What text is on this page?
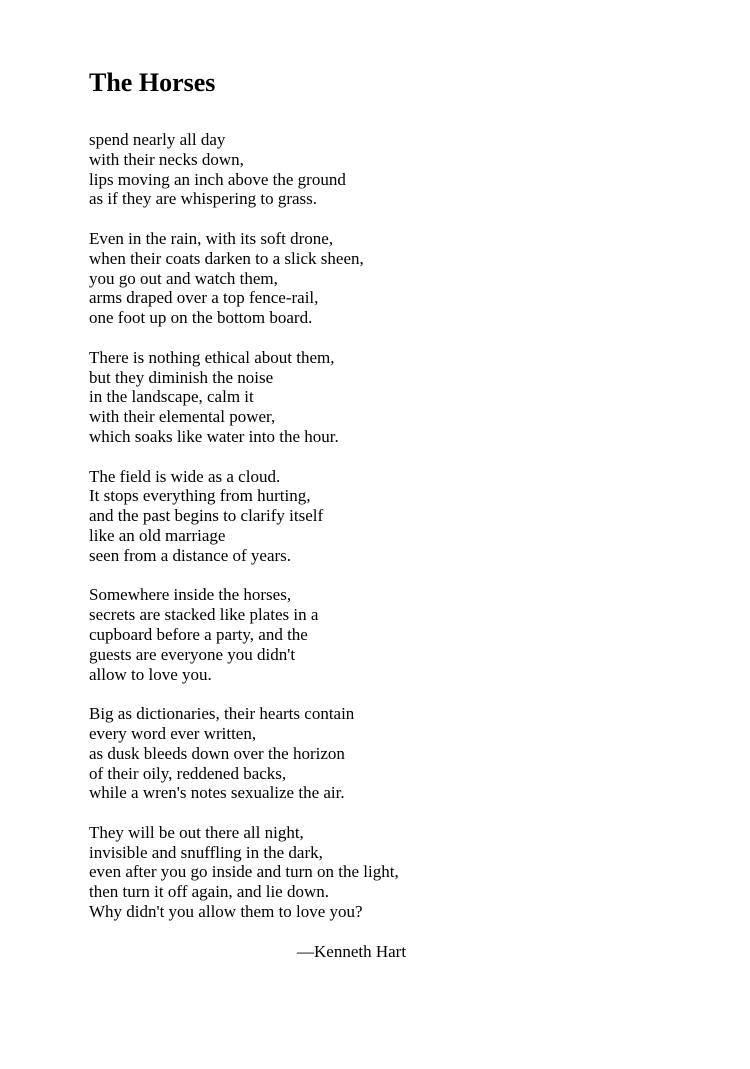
The Horses
spend nearly all day
with their necks down,
lips moving an inch above the ground
as if they are whispering to grass.
Even in the rain, with its soft drone,
when their coats darken to a slick sheen,
you go out and watch them,
arms draped over a top fence-rail,
one foot up on the bottom board.
There is nothing ethical about them,
but they diminish the noise
in the landscape, calm it
with their elemental power,
which soaks like water into the hour.
The field is wide as a cloud.
It stops everything from hurting,
and the past begins to clarify itself
like an old marriage
seen from a distance of years.
Somewhere inside the horses,
secrets are stacked like plates in a
cupboard before a party, and the
guests are everyone you didn't
allow to love you.
Big as dictionaries, their hearts contain
every word ever written,
as dusk bleeds down over the horizon
of their oily, reddened backs,
while a wren's notes sexualize the air.
They will be out there all night,
invisible and snuffling in the dark,
even after you go inside and turn on the light,
then turn it off again, and lie down.
Why didn't you allow them to love you?
—Kenneth Hart
